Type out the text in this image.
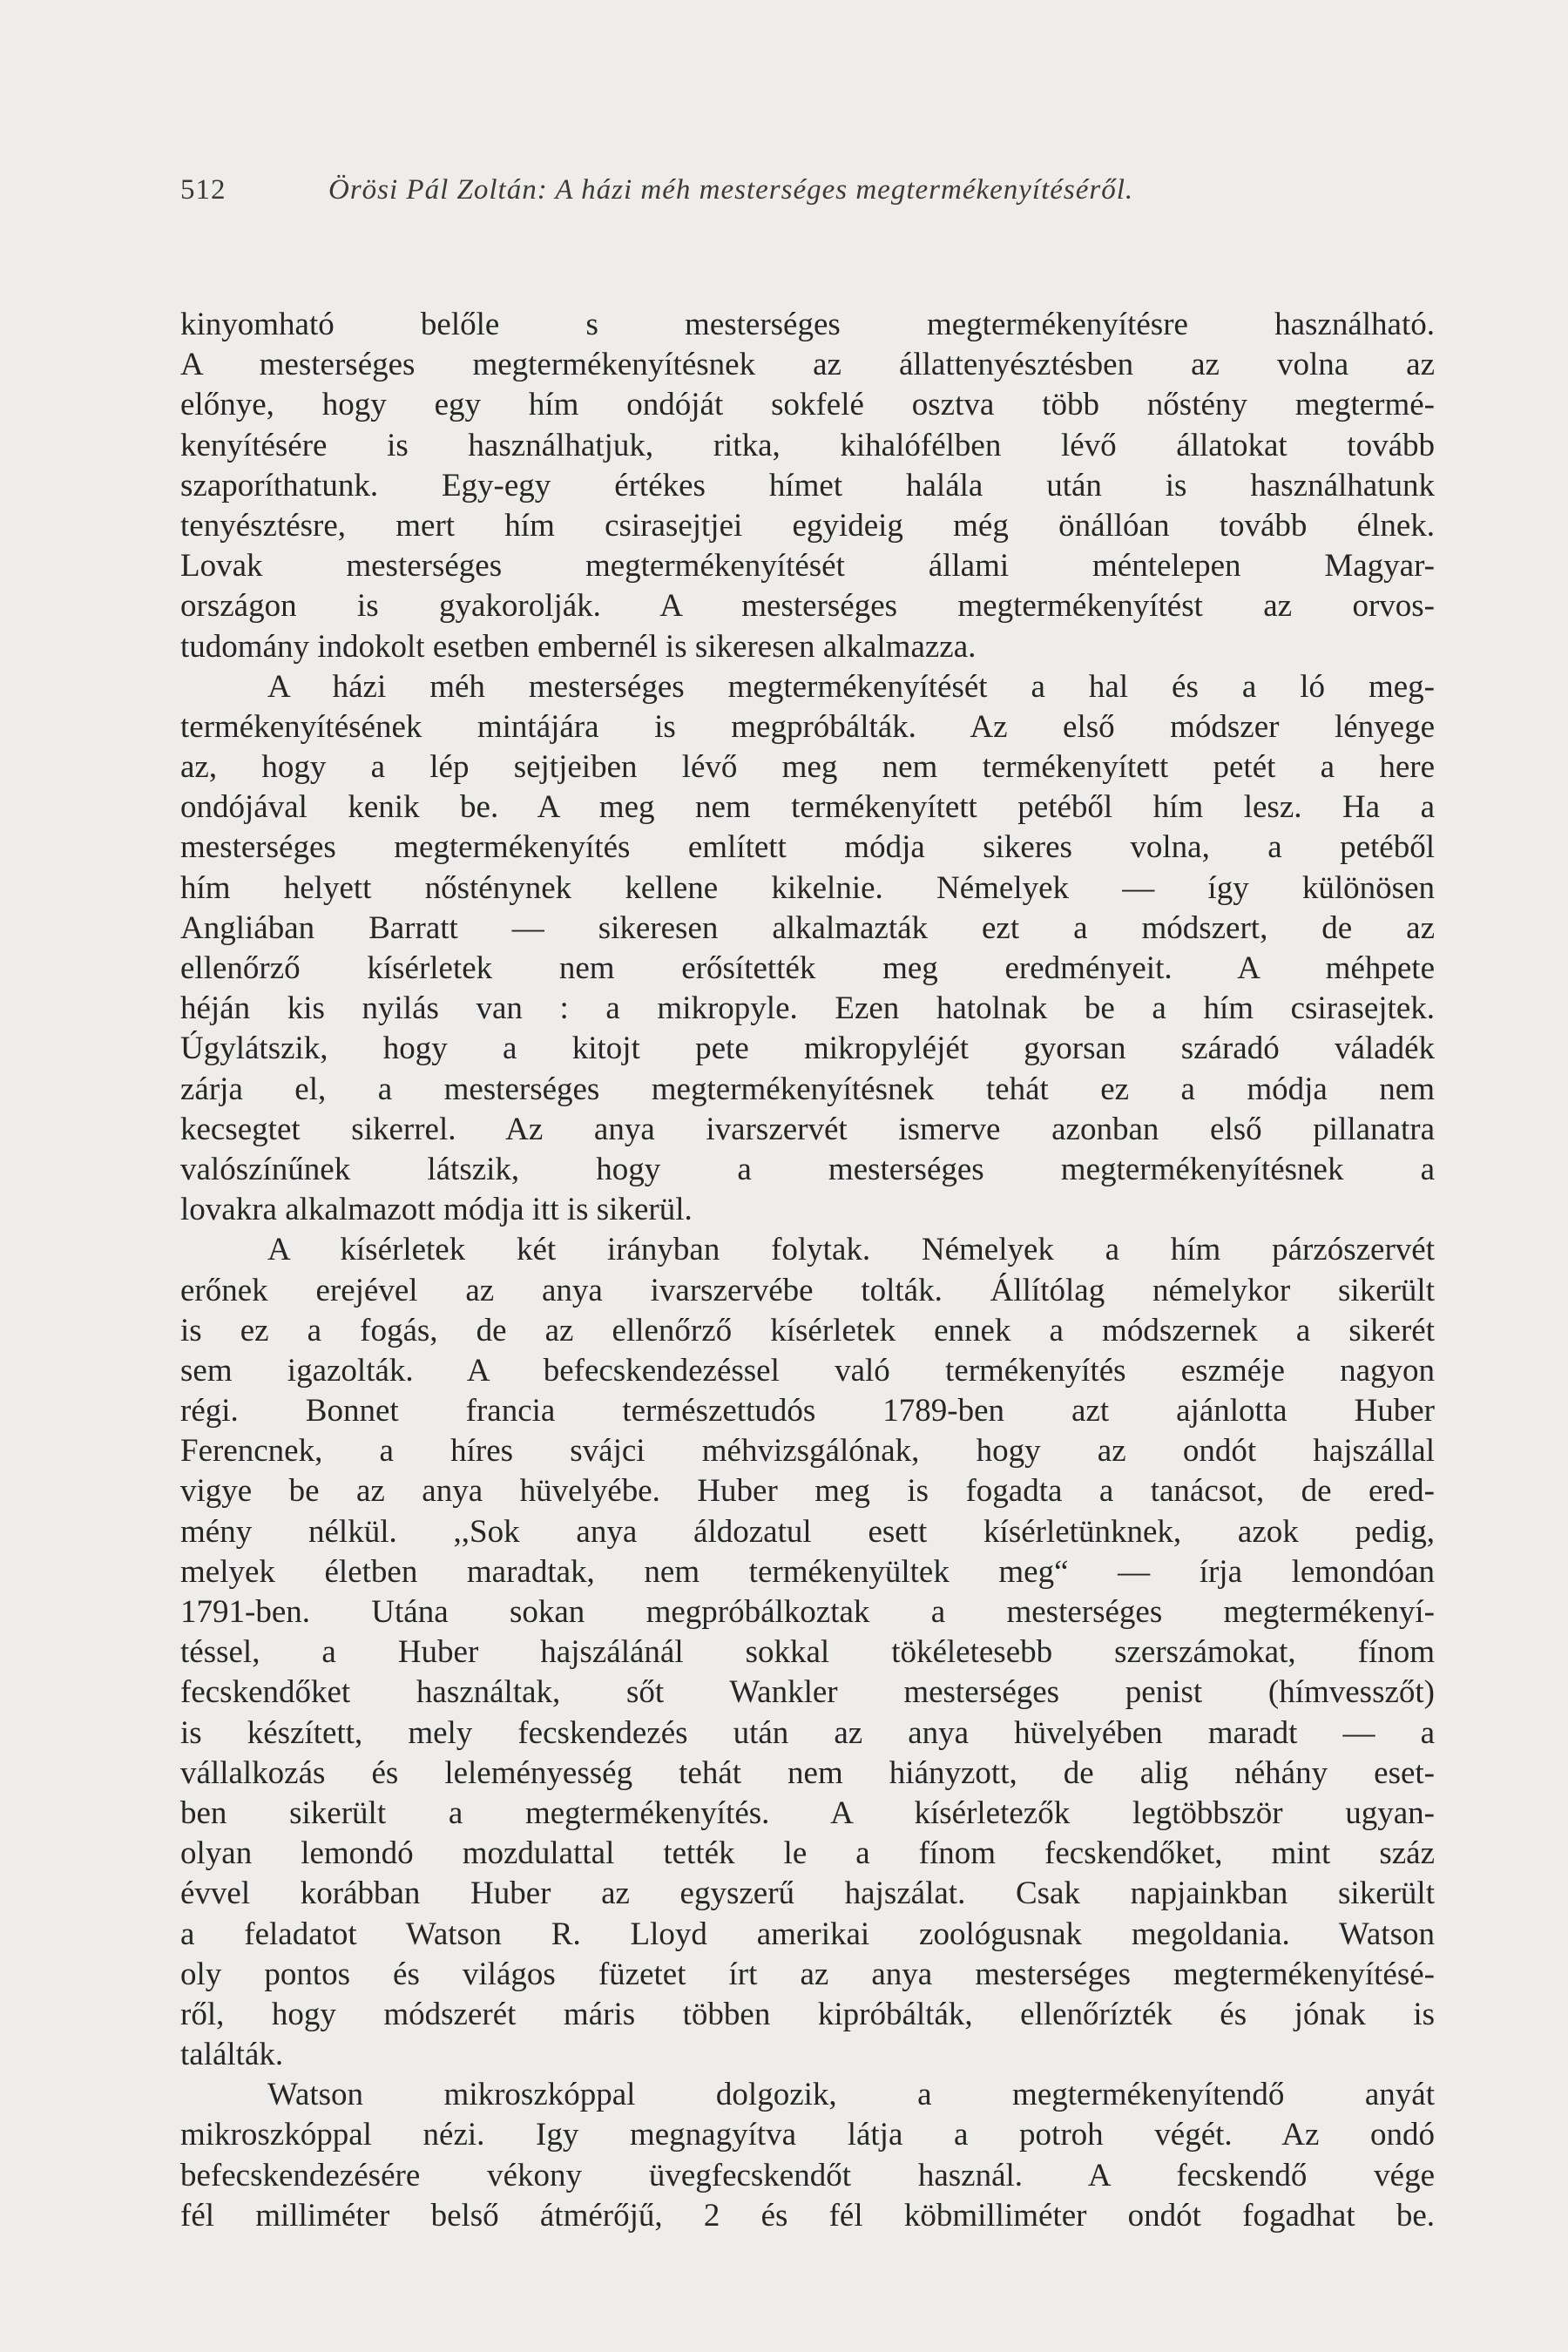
512	Örösi Pál Zoltán: A házi méh mesterséges megtermékenyítéséről.
kinyomható belőle s mesterséges megtermékenyítésre használható.
A mesterséges megtermékenyítésnek az állattenyésztésben az volna az
előnye, hogy egy hím ondóját sokfelé osztva több nőstény megtermé-
kenyítésére is használhatjuk, ritka, kihalófélben lévő állatokat tovább
szaporíthatunk. Egy-egy értékes hímet halála után is használhatunk
tenyésztésre, mert hím csirasejtjei egyideig még önállóan tovább élnek.
Lovak mesterséges megtermékenyítését állami méntelepen Magyar-
országon is gyakorolják. A mesterséges megtermékenyítést az orvos-
tudomány indokolt esetben embernél is sikeresen alkalmazza.
A házi méh mesterséges megtermékenyítését a hal és a ló meg-
termékenyítésének mintájára is megpróbálták. Az első módszer lényege
az, hogy a lép sejtjeiben lévő meg nem termékenyített petét a here
ondójával kenik be. A meg nem termékenyített petéből hím lesz. Ha a
mesterséges megtermékenyítés említett módja sikeres volna, a petéből
hím helyett nősténynek kellene kikelnie. Némelyek — így különösen
Angliában Barratt — sikeresen alkalmazták ezt a módszert, de az
ellenőrző kísérletek nem erősítették meg eredményeit. A méhpete
héján kis nyilás van : a mikropyle. Ezen hatolnak be a hím csirasejtek.
Úgylátszik, hogy a kitojt pete mikropyléjét gyorsan száradó váladék
zárja el, a mesterséges megtermékenyítésnek tehát ez a módja nem
kecsegtet sikerrel. Az anya ivarszervét ismerve azonban első pillanatra
valószínűnek látszik, hogy a mesterséges megtermékenyítésnek a
lovakra alkalmazott módja itt is sikerül.
A kísérletek két irányban folytak. Némelyek a hím párzószervét
erőnek erejével az anya ivarszervébe tolták. Állítólag némelykor sikerült
is ez a fogás, de az ellenőrző kísérletek ennek a módszernek a sikerét
sem igazolták. A befecskendezéssel való termékenyítés eszméje nagyon
régi. Bonnet francia természettudós 1789-ben azt ajánlotta Huber
Ferencnek, a híres svájci méhvizsgálónak, hogy az ondót hajszállal
vigye be az anya hüvelyébe. Huber meg is fogadta a tanácsot, de ered-
mény nélkül. ,,Sok anya áldozatul esett kísérletünknek, azok pedig,
melyek életben maradtak, nem termékenyültek meg“ — írja lemondóan
1791-ben. Utána sokan megpróbálkoztak a mesterséges megtermékenyí-
téssel, a Huber hajszálánál sokkal tökéletesebb szerszámokat, fínom
fecskendőket használtak, sőt Wankler mesterséges penist (hímvesszőt)
is készített, mely fecskendezés után az anya hüvelyében maradt — a
vállalkozás és leleményesség tehát nem hiányzott, de alig néhány eset-
ben sikerült a megtermékenyítés. A kísérletezők legtöbbször ugyan-
olyan lemondó mozdulattal tették le a fínom fecskendőket, mint száz
évvel korábban Huber az egyszerű hajszálat. Csak napjainkban sikerült
a feladatot Watson R. Lloyd amerikai zoológusnak megoldania. Watson
oly pontos és világos füzetet írt az anya mesterséges megtermékenyítésé-
ről, hogy módszerét máris többen kipróbálták, ellenőrízték és jónak is
találták.
Watson mikroszkóppal dolgozik, a megtermékenyítendő anyát
mikroszkóppal nézi. Igy megnagyítva látja a potroh végét. Az ondó
befecskendezésére vékony üvegfecskendőt használ. A fecskendő vége
fél milliméter belső átmérőjű, 2 és fél köbmilliméter ondót fogadhat be.
